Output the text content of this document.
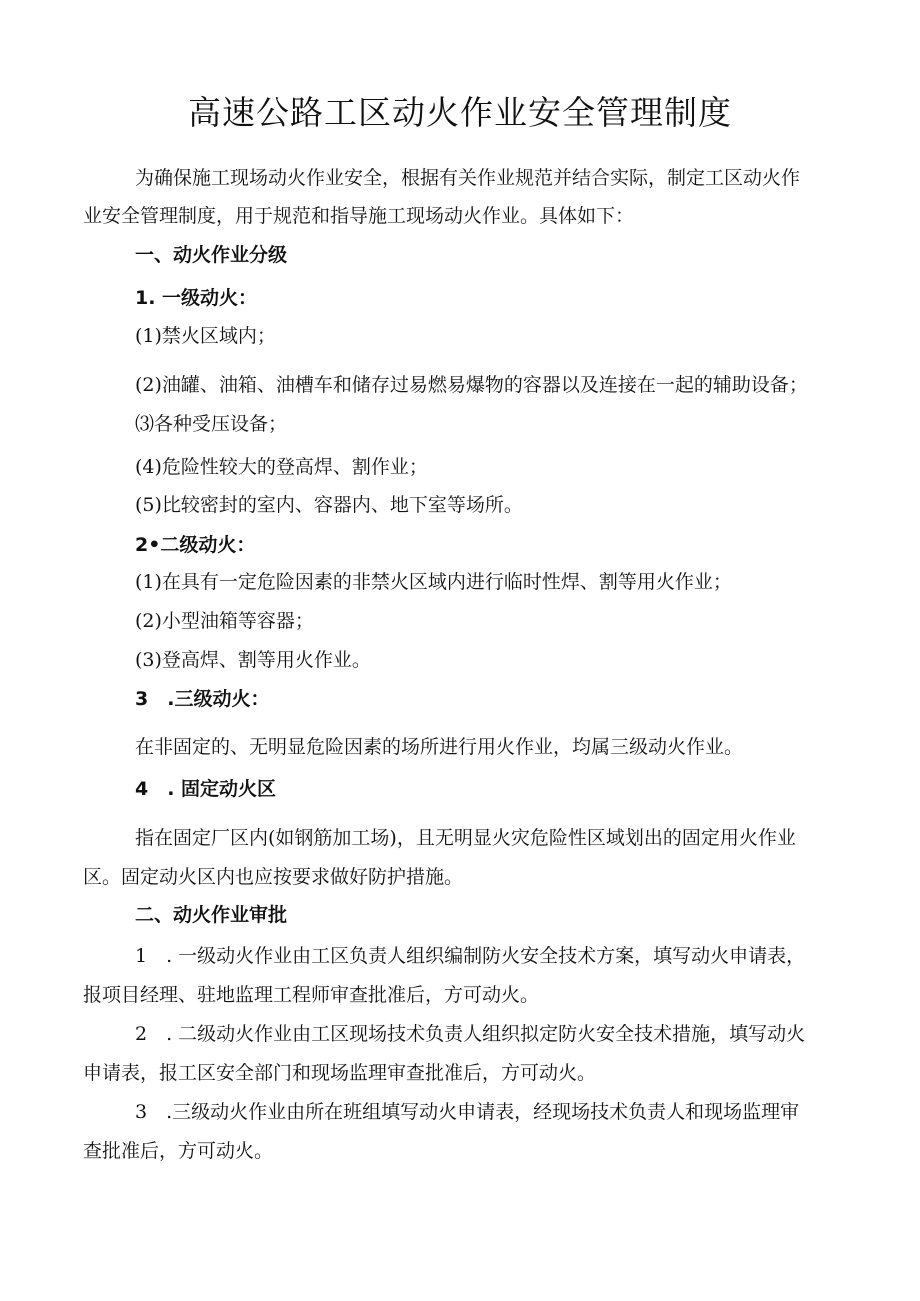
高速公路工区动火作业安全管理制度
为确保施工现场动火作业安全，根据有关作业规范并结合实际，制定工区动火作
业安全管理制度，用于规范和指导施工现场动火作业。具体如下：
一、动火作业分级
1. 一级动火：
(1)禁火区域内；
(2)油罐、油箱、油槽车和储存过易燃易爆物的容器以及连接在一起的辅助设备；
⑶各种受压设备；
(4)危险性较大的登高焊、割作业；
(5)比较密封的室内、容器内、地下室等场所。
2•二级动火：
(1)在具有一定危险因素的非禁火区域内进行临时性焊、割等用火作业；
(2)小型油箱等容器；
(3)登高焊、割等用火作业。
3　.三级动火：
在非固定的、无明显危险因素的场所进行用火作业，均属三级动火作业。
4　. 固定动火区
指在固定厂区内(如钢筋加工场)，且无明显火灾危险性区域划出的固定用火作业
区。固定动火区内也应按要求做好防护措施。
二、动火作业审批
1　. 一级动火作业由工区负责人组织编制防火安全技术方案，填写动火申请表，
报项目经理、驻地监理工程师审查批准后，方可动火。
2　. 二级动火作业由工区现场技术负责人组织拟定防火安全技术措施，填写动火
申请表，报工区安全部门和现场监理审查批准后，方可动火。
3　.三级动火作业由所在班组填写动火申请表，经现场技术负责人和现场监理审
查批准后，方可动火。
